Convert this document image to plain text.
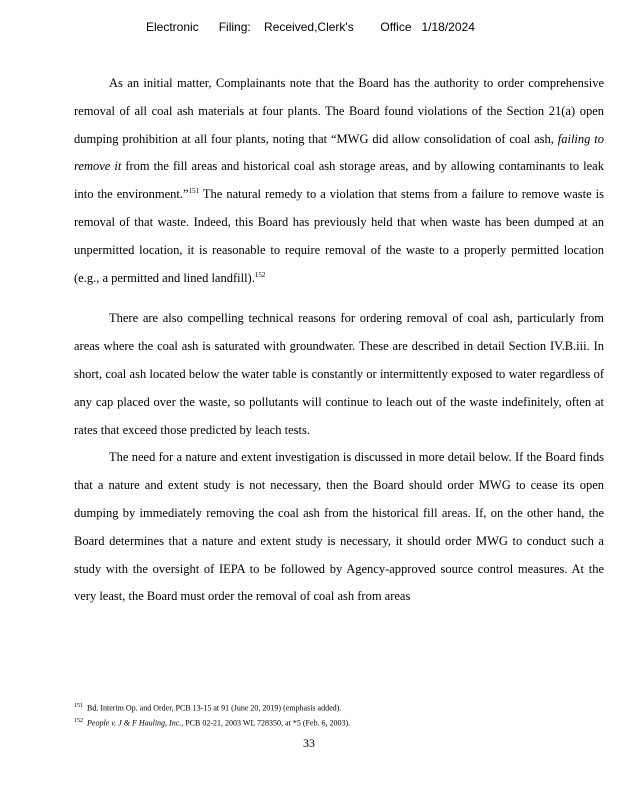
Electronic      Filing:    Received,Clerk's        Office   1/18/2024

As an initial matter, Complainants note that the Board has the authority to order comprehensive removal of all coal ash materials at four plants. The Board found violations of the Section 21(a) open dumping prohibition at all four plants, noting that “MWG did allow consolidation of coal ash, failing to remove it from the fill areas and historical coal ash storage areas, and by allowing contaminants to leak into the environment.”$^{151}$ The natural remedy to a violation that stems from a failure to remove waste is removal of that waste. Indeed, this Board has previously held that when waste has been dumped at an unpermitted location, it is reasonable to require removal of the waste to a properly permitted location (e.g., a permitted and lined landfill).$^{152}$

There are also compelling technical reasons for ordering removal of coal ash, particularly from areas where the coal ash is saturated with groundwater. These are described in detail Section IV.B.iii. In short, coal ash located below the water table is constantly or intermittently exposed to water regardless of any cap placed over the waste, so pollutants will continue to leach out of the waste indefinitely, often at rates that exceed those predicted by leach tests.

The need for a nature and extent investigation is discussed in more detail below. If the Board finds that a nature and extent study is not necessary, then the Board should order MWG to cease its open dumping by immediately removing the coal ash from the historical fill areas. If, on the other hand, the Board determines that a nature and extent study is necessary, it should order MWG to conduct such a study with the oversight of IEPA to be followed by Agency-approved source control measures. At the very least, the Board must order the removal of coal ash from areas

$^{151}$ Bd. Interim Op. and Order, PCB 13-15 at 91 (June 20, 2019) (emphasis added).
$^{152}$ People v. J & F Hauling, Inc., PCB 02-21, 2003 WL 728350, at *5 (Feb. 6, 2003).
33
